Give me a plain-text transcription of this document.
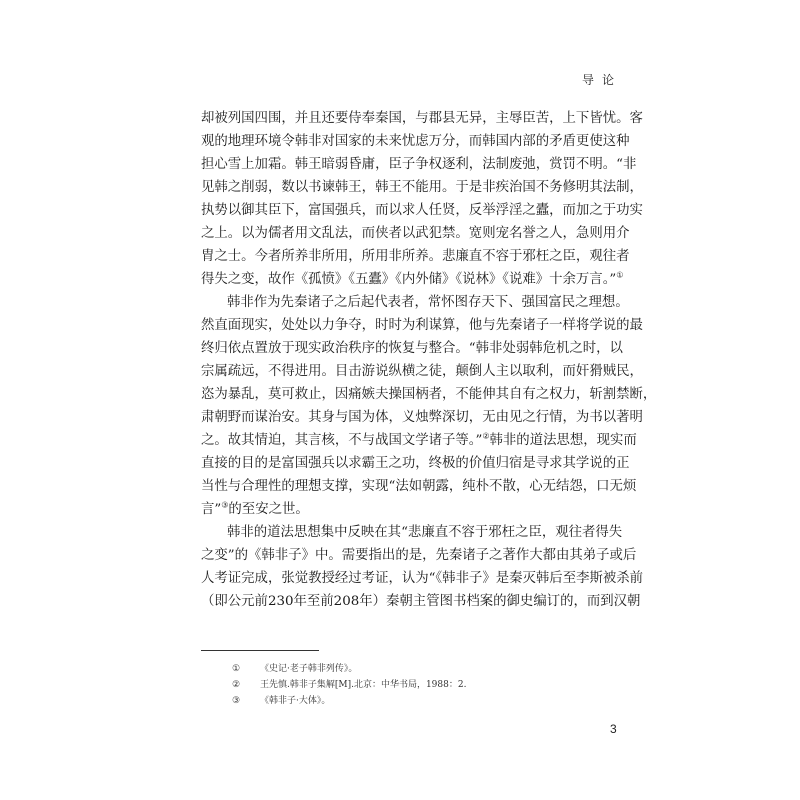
导论
却被列国四围，并且还要侍奉秦国，与郡县无异，主辱臣苦，上下皆忧。客
观的地理环境令韩非对国家的未来忧虑万分，而韩国内部的矛盾更使这种
担心雪上加霜。韩王暗弱昏庸，臣子争权逐利，法制废弛，赏罚不明。“非
见韩之削弱，数以书谏韩王，韩王不能用。于是非疾治国不务修明其法制，
执势以御其臣下，富国强兵，而以求人任贤，反举浮淫之蠹，而加之于功实
之上。以为儒者用文乱法，而侠者以武犯禁。宽则宠名誉之人，急则用介
胄之士。今者所养非所用，所用非所养。悲廉直不容于邪枉之臣，观往者
得失之变，故作《孤愤》《五蠹》《内外储》《说林》《说难》十余万言。”①
韩非作为先秦诸子之后起代表者，常怀图存天下、强国富民之理想。
然直面现实，处处以力争夺，时时为利谋算，他与先秦诸子一样将学说的最
终归依点置放于现实政治秩序的恢复与整合。“韩非处弱韩危机之时，以
宗属疏远，不得进用。目击游说纵横之徒，颠倒人主以取利，而奸猾贼民，
恣为暴乱，莫可救止，因痛嫉夫操国柄者，不能伸其自有之权力，斩割禁断，
肃朝野而谋治安。其身与国为体，义烛弊深切，无由见之行情，为书以著明
之。故其情迫，其言核，不与战国文学诸子等。”②韩非的道法思想，现实而
直接的目的是富国强兵以求霸王之功，终极的价值归宿是寻求其学说的正
当性与合理性的理想支撑，实现“法如朝露，纯朴不散，心无结怨，口无烦
言”③的至安之世。
韩非的道法思想集中反映在其“悲廉直不容于邪枉之臣，观往者得失
之变”的《韩非子》中。需要指出的是，先秦诸子之著作大都由其弟子或后
人考证完成，张觉教授经过考证，认为“《韩非子》是秦灭韩后至李斯被杀前
（即公元前230年至前208年）秦朝主管图书档案的御史编订的，而到汉朝
①	《史记·老子韩非列传》。
②	王先慎.韩非子集解[M].北京：中华书局，1988：2.
③	《韩非子·大体》。
3
